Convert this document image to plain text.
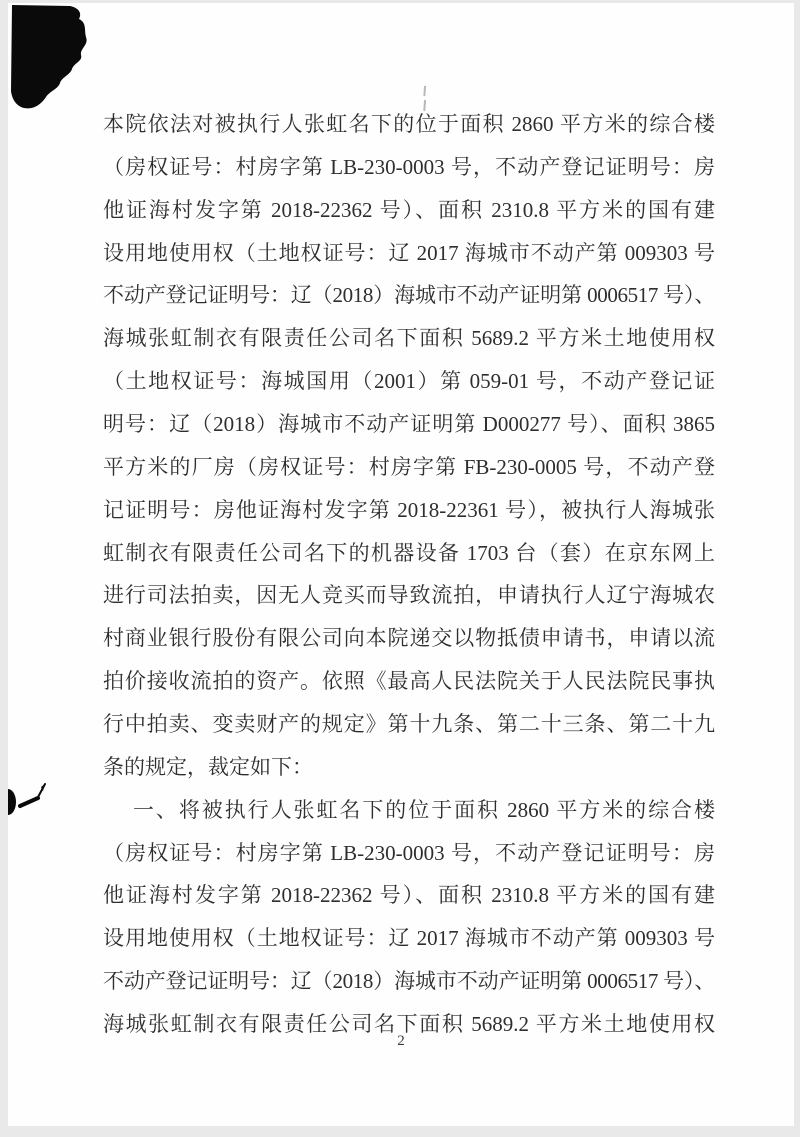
本院依法对被执行人张虹名下的位于面积 2860 平方米的综合楼
（房权证号：村房字第 LB-230-0003 号，不动产登记证明号：房
他证海村发字第 2018-22362 号）、面积 2310.8 平方米的国有建
设用地使用权（土地权证号：辽 2017 海城市不动产第 009303 号
不动产登记证明号：辽（2018）海城市不动产证明第 0006517 号）、
海城张虹制衣有限责任公司名下面积 5689.2 平方米土地使用权
（土地权证号：海城国用（2001）第 059-01 号，不动产登记证
明号：辽（2018）海城市不动产证明第 D000277 号）、面积 3865
平方米的厂房（房权证号：村房字第 FB-230-0005 号，不动产登
记证明号：房他证海村发字第 2018-22361 号），被执行人海城张
虹制衣有限责任公司名下的机器设备 1703 台（套）在京东网上
进行司法拍卖，因无人竞买而导致流拍，申请执行人辽宁海城农
村商业银行股份有限公司向本院递交以物抵债申请书，申请以流
拍价接收流拍的资产。依照《最高人民法院关于人民法院民事执
行中拍卖、变卖财产的规定》第十九条、第二十三条、第二十九
条的规定，裁定如下：
一、将被执行人张虹名下的位于面积 2860 平方米的综合楼
（房权证号：村房字第 LB-230-0003 号，不动产登记证明号：房
他证海村发字第 2018-22362 号）、面积 2310.8 平方米的国有建
设用地使用权（土地权证号：辽 2017 海城市不动产第 009303 号
不动产登记证明号：辽（2018）海城市不动产证明第 0006517 号）、
海城张虹制衣有限责任公司名下面积 5689.2 平方米土地使用权
2
